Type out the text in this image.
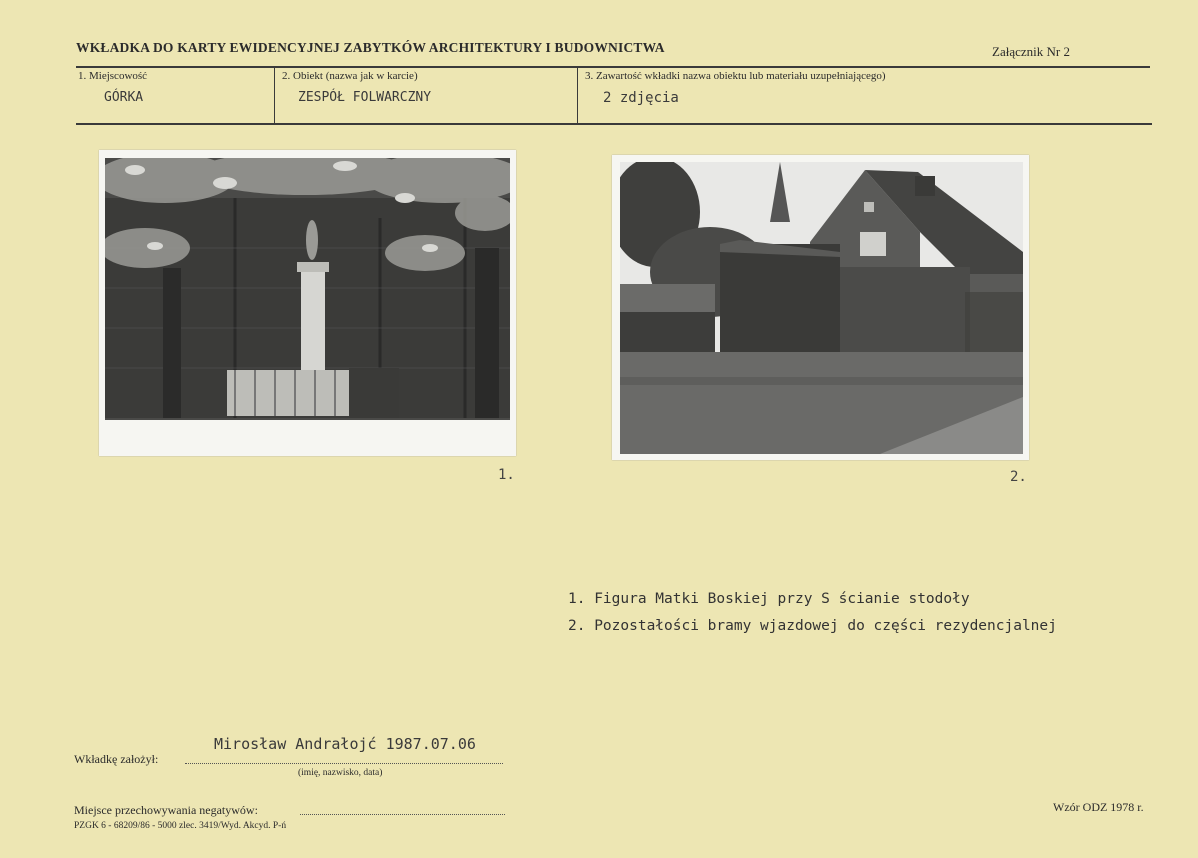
WKŁADKA DO KARTY EWIDENCYJNEJ ZABYTKÓW ARCHITEKTURY I BUDOWNICTWA	Załącznik Nr 2
1. Miejscowość
GÓRKA
2. Obiekt (nazwa jak w karcie)
ZESPÓŁ FOLWARCZNY
3. Zawartość wkładki nazwa obiektu lub materiału uzupełniającego)
2 zdjęcia
1.	2.
1. Figura Matki Boskiej przy S ścianie stodoły
2. Pozostałości bramy wjazdowej do części rezydencjalnej
Mirosław Andrałojć 1987.07.06
Wkładkę założył:
(imię, nazwisko, data)
Miejsce przechowywania negatywów:
PZGK 6 - 68209/86 - 5000 zlec. 3419/Wyd. Akcyd. P-ń
Wzór ODZ 1978 r.
